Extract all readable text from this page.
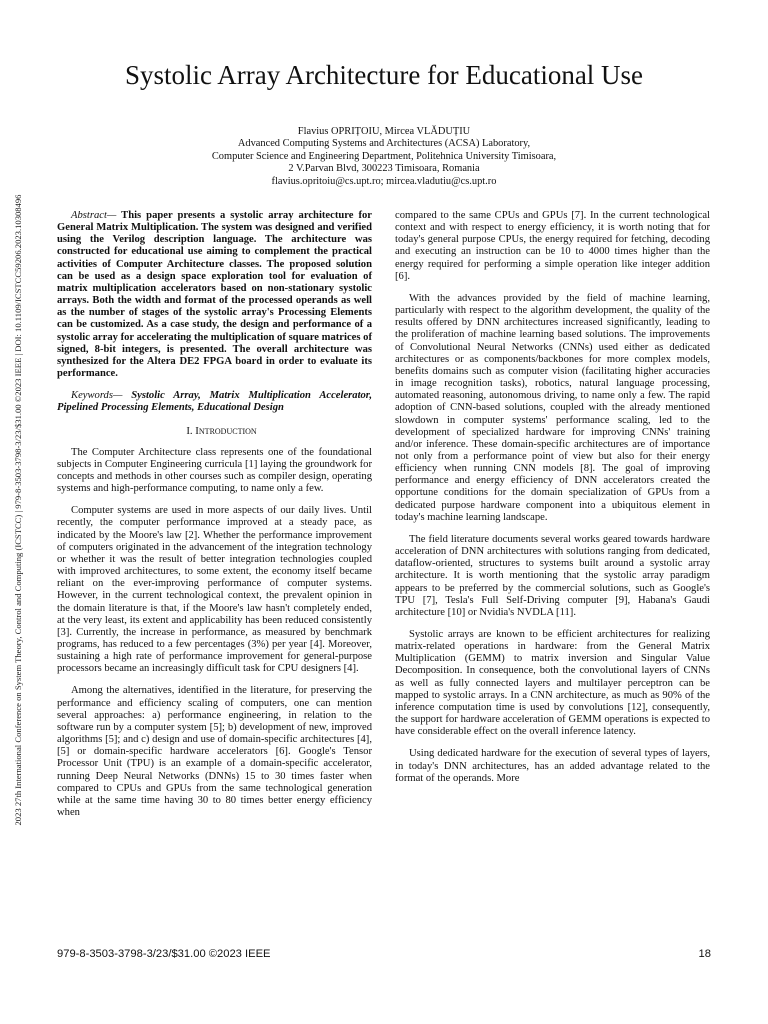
2023 27th International Conference on System Theory, Control and Computing (ICSTCC) | 979-8-3503-3798-3/23/$31.00 ©2023 IEEE | DOI: 10.1109/ICSTCC59206.2023.10308496
Systolic Array Architecture for Educational Use
Flavius OPRIȚOIU, Mircea VLĂDUȚIU
Advanced Computing Systems and Architectures (ACSA) Laboratory,
Computer Science and Engineering Department, Politehnica University Timisoara,
2 V.Parvan Blvd, 300223 Timisoara, Romania
flavius.opritoiu@cs.upt.ro; mircea.vladutiu@cs.upt.ro

Abstract— This paper presents a systolic array architecture for General Matrix Multiplication. The system was designed and verified using the Verilog description language. The architecture was constructed for educational use aiming to complement the practical activities of Computer Architecture classes. The proposed solution can be used as a design space exploration tool for evaluation of matrix multiplication accelerators based on non-stationary systolic arrays. Both the width and format of the processed operands as well as the number of stages of the systolic array's Processing Elements can be customized. As a case study, the design and performance of a systolic array for accelerating the multiplication of square matrices of signed, 8-bit integers, is presented. The overall architecture was synthesized for the Altera DE2 FPGA board in order to evaluate its performance.

Keywords— Systolic Array, Matrix Multiplication Accelerator, Pipelined Processing Elements, Educational Design

I. Introduction

The Computer Architecture class represents one of the foundational subjects in Computer Engineering curricula [1] laying the groundwork for concepts and methods in other courses such as compiler design, operating systems and high-performance computing, to name only a few.

Computer systems are used in more aspects of our daily lives. Until recently, the computer performance improved at a steady pace, as indicated by the Moore's law [2]. Whether the performance improvement of computers originated in the advancement of the integration technology or whether it was the result of better integration technologies coupled with improved architectures, to some extent, the economy itself became reliant on the ever-improving performance of computer systems. However, in the current technological context, the prevalent opinion in the domain literature is that, if the Moore's law hasn't completely ended, at the very least, its extent and applicability has been reduced consistently [3]. Currently, the increase in performance, as measured by benchmark programs, has reduced to a few percentages (3%) per year [4]. Moreover, sustaining a high rate of performance improvement for general-purpose processors became an increasingly difficult task for CPU designers [4].

Among the alternatives, identified in the literature, for preserving the performance and efficiency scaling of computers, one can mention several approaches: a) performance engineering, in relation to the software run by a computer system [5]; b) development of new, improved algorithms [5]; and c) design and use of domain-specific architectures [4], [5] or domain-specific hardware accelerators [6]. Google's Tensor Processor Unit (TPU) is an example of a domain-specific accelerator, running Deep Neural Networks (DNNs) 15 to 30 times faster when compared to CPUs and GPUs from the same technological generation while at the same time having 30 to 80 times better energy efficiency when

compared to the same CPUs and GPUs [7]. In the current technological context and with respect to energy efficiency, it is worth noting that for today's general purpose CPUs, the energy required for fetching, decoding and executing an instruction can be 10 to 4000 times higher than the energy required for performing a simple operation like integer addition [6].

With the advances provided by the field of machine learning, particularly with respect to the algorithm development, the quality of the results offered by DNN architectures increased significantly, leading to the proliferation of machine learning based solutions. The improvements of Convolutional Neural Networks (CNNs) used either as dedicated architectures or as components/backbones for more complex models, benefits domains such as computer vision (facilitating higher accuracies in image recognition tasks), robotics, natural language processing, automated reasoning, autonomous driving, to name only a few. The rapid adoption of CNN-based solutions, coupled with the already mentioned slowdown in computer systems' performance scaling, led to the development of specialized hardware for improving CNNs' training and/or inference. These domain-specific architectures are of importance not only from a performance point of view but also for their energy efficiency when running CNN models [8]. The goal of improving performance and energy efficiency of DNN accelerators created the opportune conditions for the domain specialization of GPUs from a dedicated purpose hardware component into a ubiquitous element in today's machine learning landscape.

The field literature documents several works geared towards hardware acceleration of DNN architectures with solutions ranging from dedicated, dataflow-oriented, structures to systems built around a systolic array architecture. It is worth mentioning that the systolic array paradigm appears to be preferred by the commercial solutions, such as Google's TPU [7], Tesla's Full Self-Driving computer [9], Habana's Gaudi architecture [10] or Nvidia's NVDLA [11].

Systolic arrays are known to be efficient architectures for realizing matrix-related operations in hardware: from the General Matrix Multiplication (GEMM) to matrix inversion and Singular Value Decomposition. In consequence, both the convolutional layers of CNNs as well as fully connected layers and multilayer perceptron can be mapped to systolic arrays. In a CNN architecture, as much as 90% of the inference computation time is used by convolutions [12], consequently, the support for hardware acceleration of GEMM operations is expected to have considerable effect on the overall inference latency.

Using dedicated hardware for the execution of several types of layers, in today's DNN architectures, has an added advantage related to the format of the operands. More

979-8-3503-3798-3/23/$31.00 ©2023 IEEE	18
